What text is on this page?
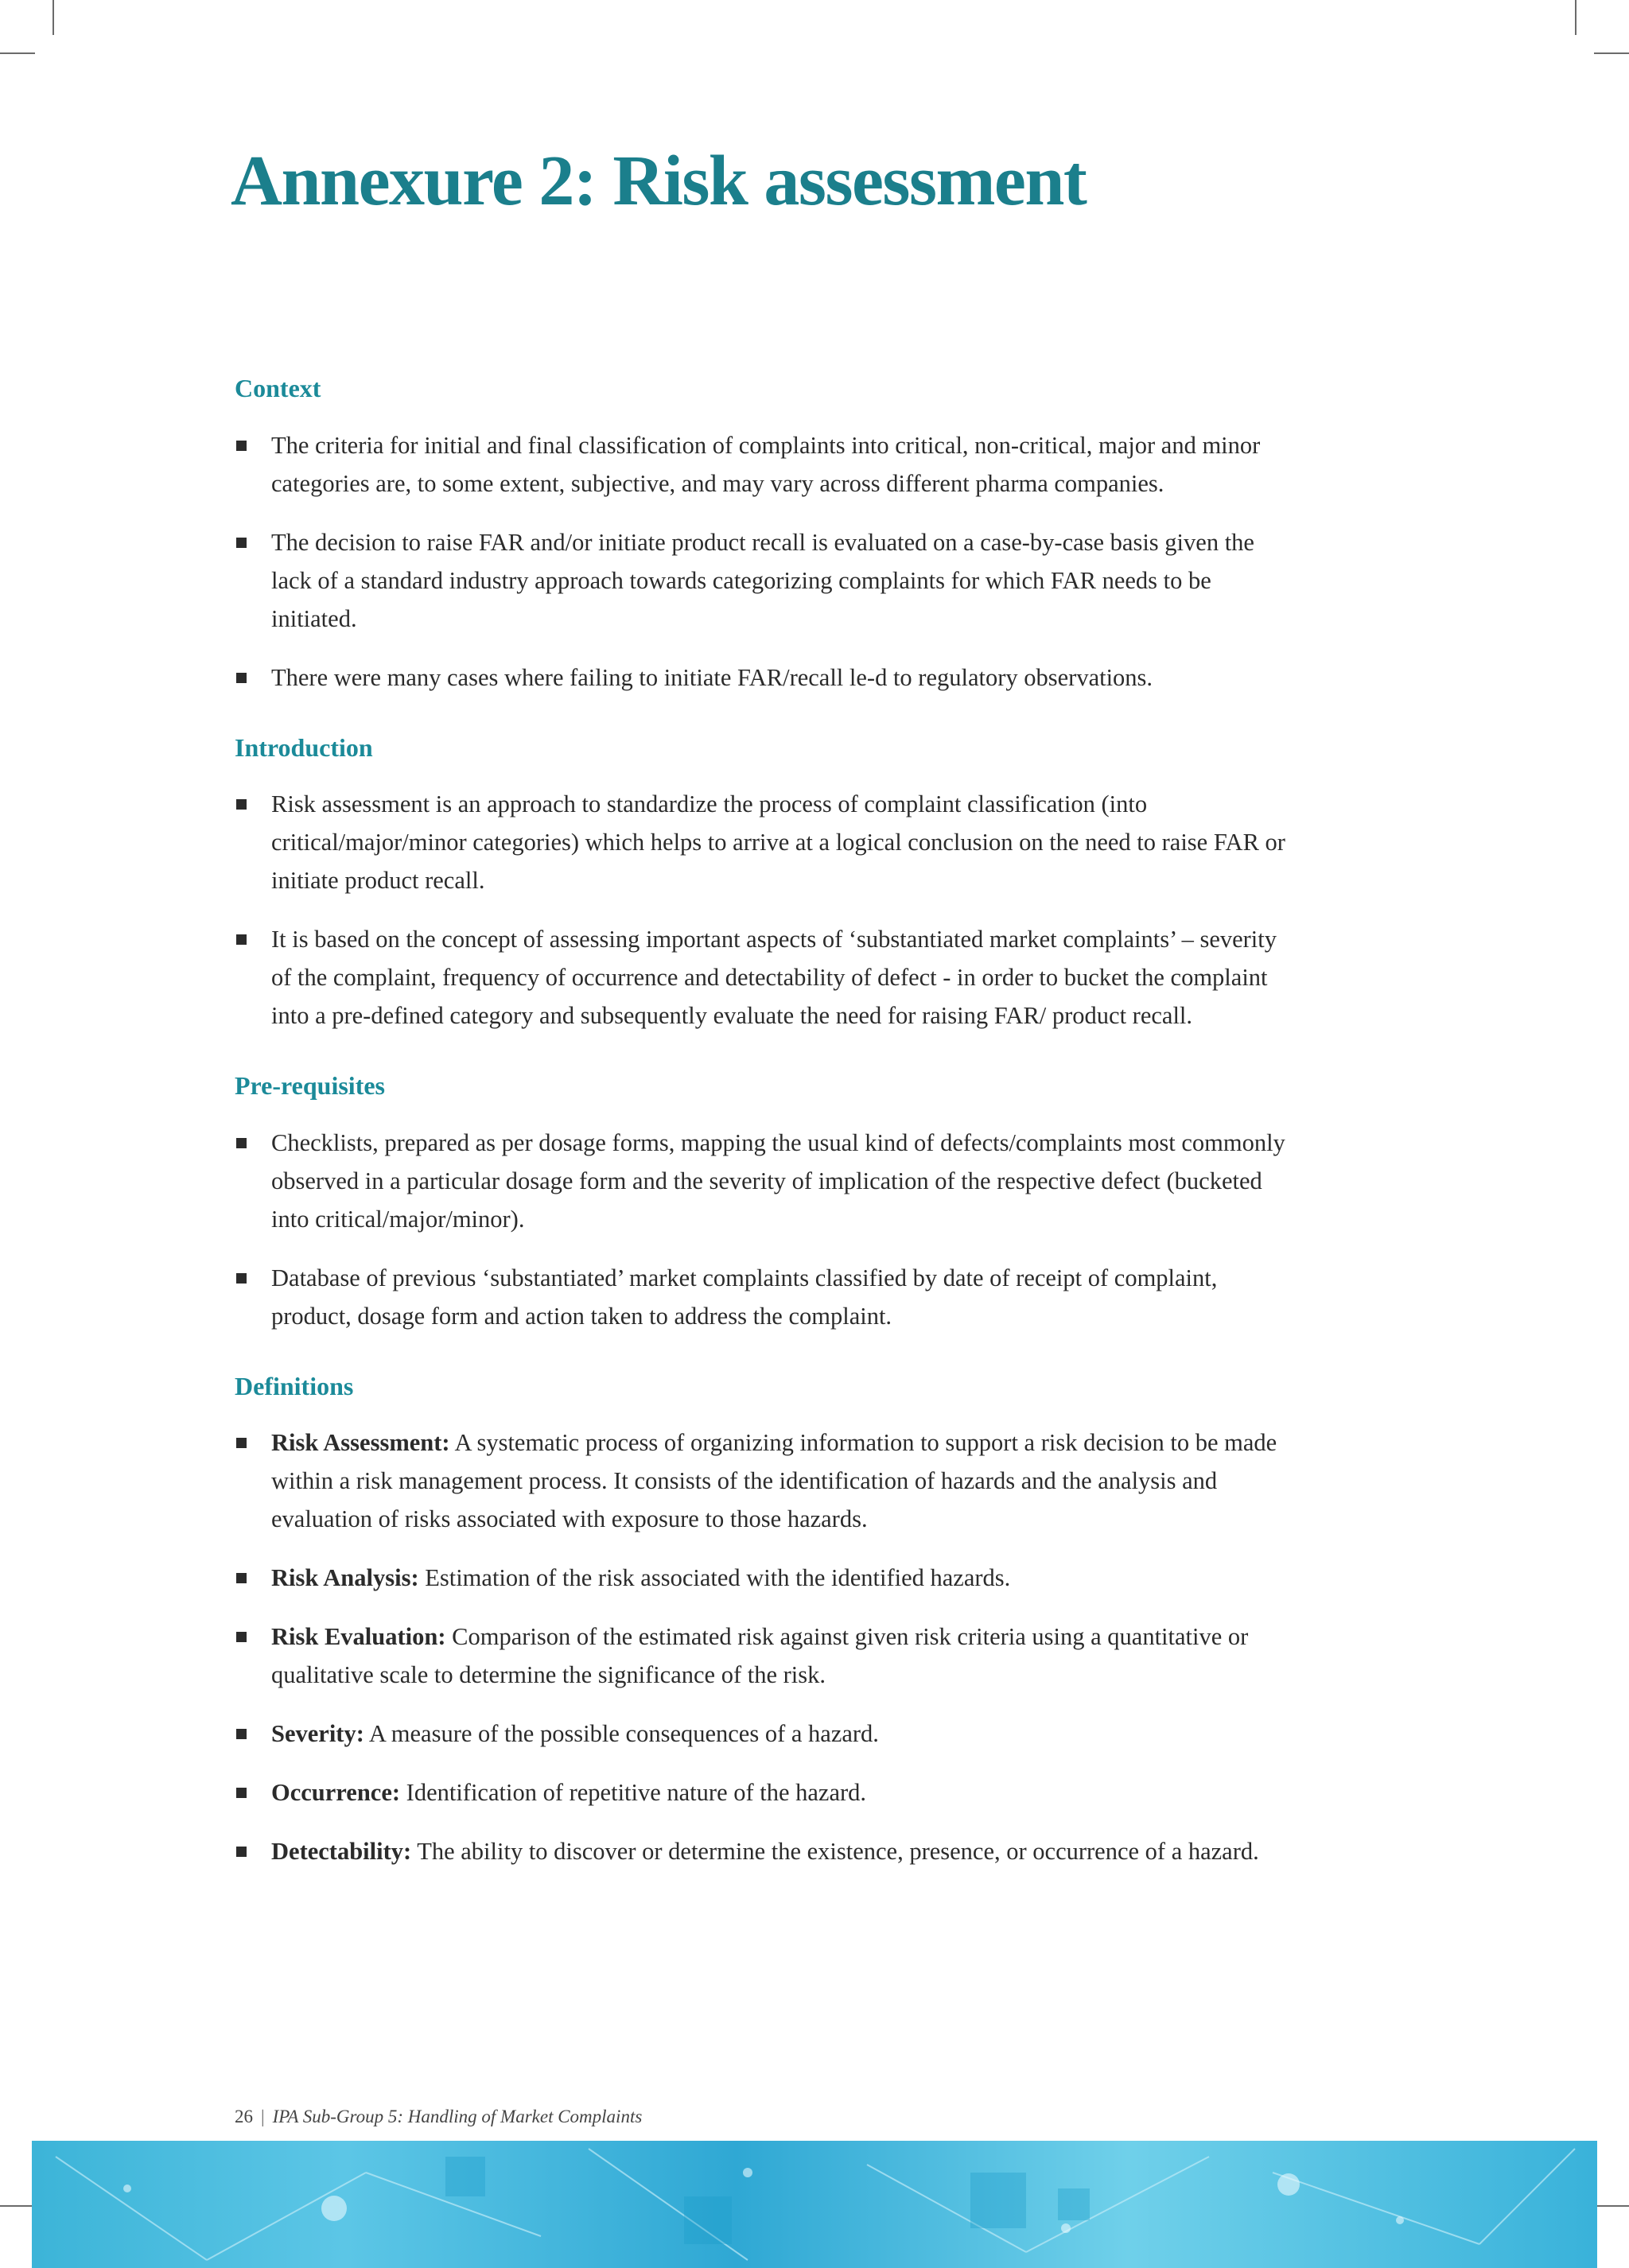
Annexure 2: Risk assessment
Context
The criteria for initial and final classification of complaints into critical, non-critical, major and minor categories are, to some extent, subjective, and may vary across different pharma companies.
The decision to raise FAR and/or initiate product recall is evaluated on a case-by-case basis given the lack of a standard industry approach towards categorizing complaints for which FAR needs to be initiated.
There were many cases where failing to initiate FAR/recall le-d to regulatory observations.
Introduction
Risk assessment is an approach to standardize the process of complaint classification (into critical/major/minor categories) which helps to arrive at a logical conclusion on the need to raise FAR or initiate product recall.
It is based on the concept of assessing important aspects of ‘substantiated market complaints’ – severity of the complaint, frequency of occurrence and detectability of defect - in order to bucket the complaint into a pre-defined category and subsequently evaluate the need for raising FAR/ product recall.
Pre-requisites
Checklists, prepared as per dosage forms, mapping the usual kind of defects/complaints most commonly observed in a particular dosage form and the severity of implication of the respective defect (bucketed into critical/major/minor).
Database of previous ‘substantiated’ market complaints classified by date of receipt of complaint, product, dosage form and action taken to address the complaint.
Definitions
Risk Assessment: A systematic process of organizing information to support a risk decision to be made within a risk management process. It consists of the identification of hazards and the analysis and evaluation of risks associated with exposure to those hazards.
Risk Analysis: Estimation of the risk associated with the identified hazards.
Risk Evaluation: Comparison of the estimated risk against given risk criteria using a quantitative or qualitative scale to determine the significance of the risk.
Severity: A measure of the possible consequences of a hazard.
Occurrence: Identification of repetitive nature of the hazard.
Detectability: The ability to discover or determine the existence, presence, or occurrence of a hazard.
26 | IPA Sub-Group 5: Handling of Market Complaints
